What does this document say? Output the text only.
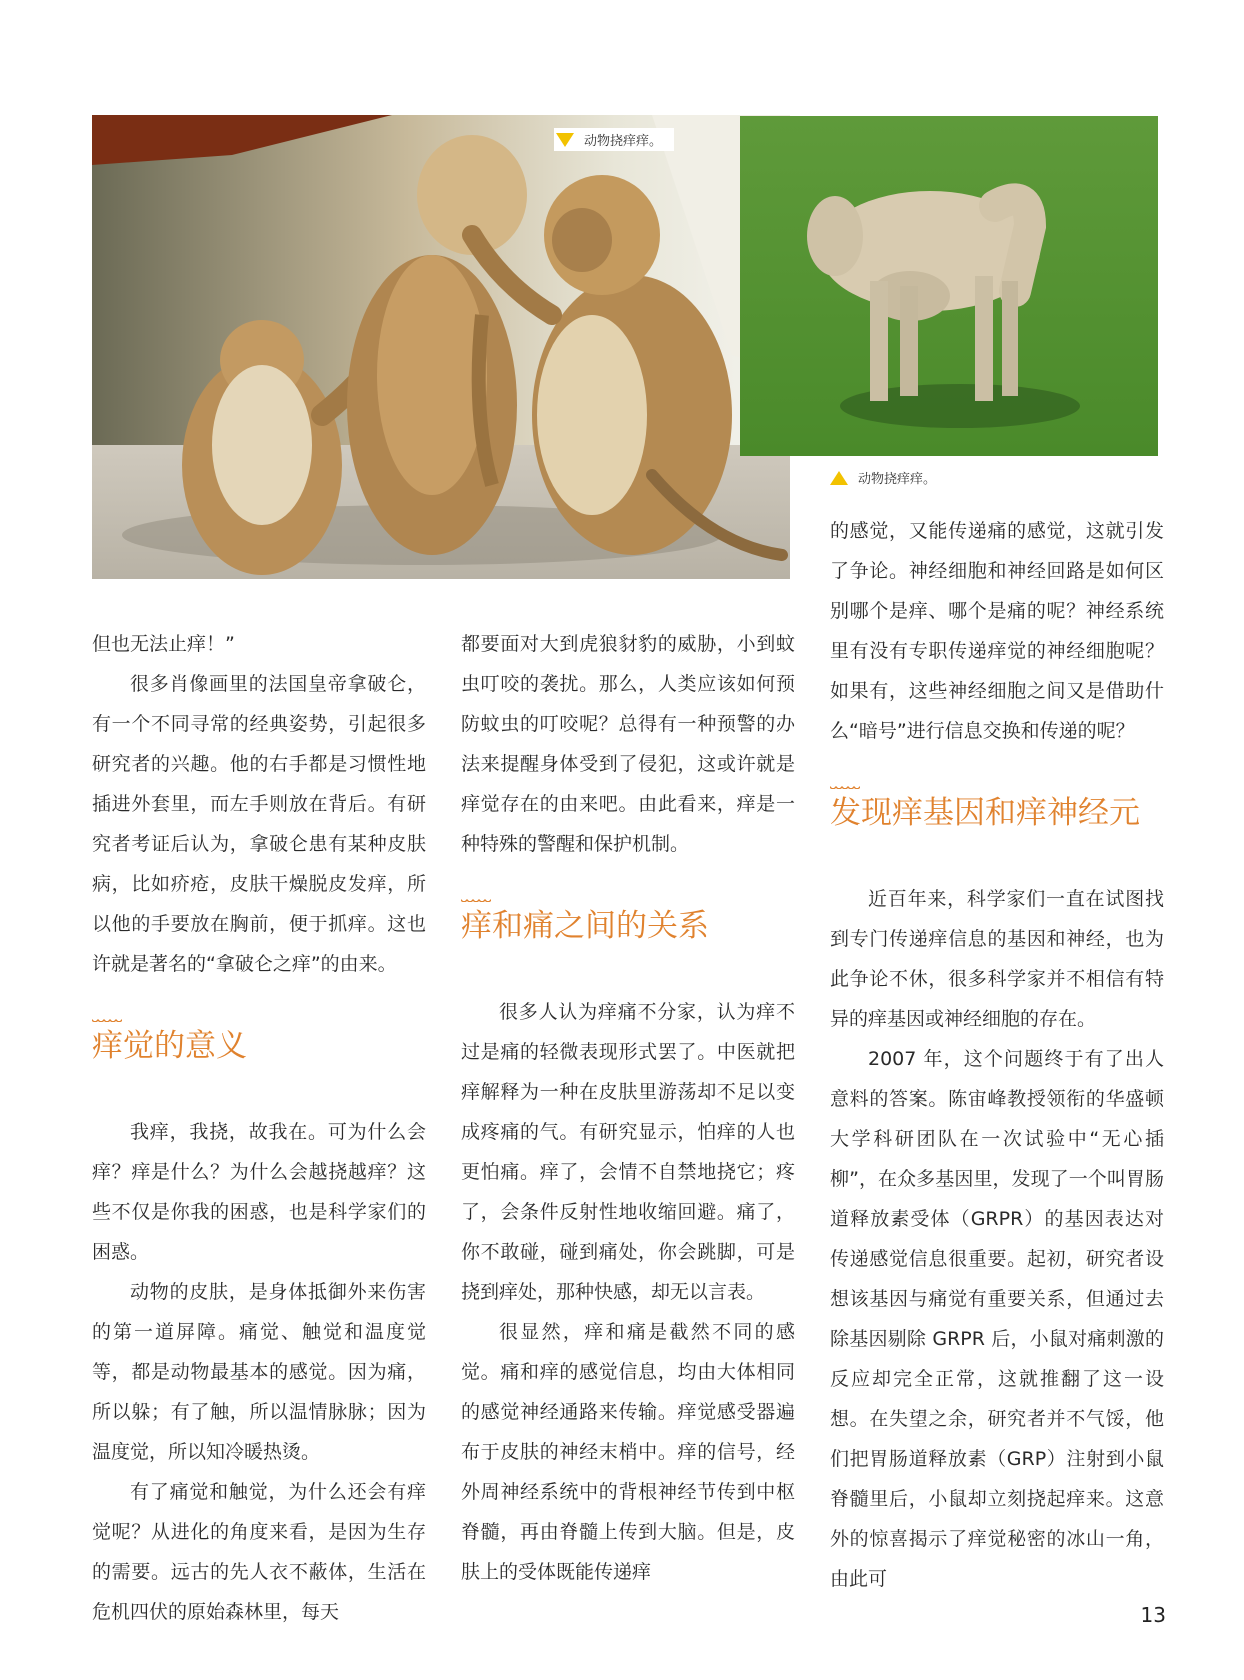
动物挠痒痒。
动物挠痒痒。

但也无法止痒！”

很多肖像画里的法国皇帝拿破仑，有一个不同寻常的经典姿势，引起很多研究者的兴趣。他的右手都是习惯性地插进外套里，而左手则放在背后。有研究者考证后认为，拿破仑患有某种皮肤病，比如疥疮，皮肤干燥脱皮发痒，所以他的手要放在胸前，便于抓痒。这也许就是著名的“拿破仑之痒”的由来。

痒觉的意义

我痒，我挠，故我在。可为什么会痒？痒是什么？为什么会越挠越痒？这些不仅是你我的困惑，也是科学家们的困惑。

动物的皮肤，是身体抵御外来伤害的第一道屏障。痛觉、触觉和温度觉等，都是动物最基本的感觉。因为痛，所以躲；有了触，所以温情脉脉；因为温度觉，所以知冷暖热烫。

有了痛觉和触觉，为什么还会有痒觉呢？从进化的角度来看，是因为生存的需要。远古的先人衣不蔽体，生活在危机四伏的原始森林里，每天

都要面对大到虎狼豺豹的威胁，小到蚊虫叮咬的袭扰。那么，人类应该如何预防蚊虫的叮咬呢？总得有一种预警的办法来提醒身体受到了侵犯，这或许就是痒觉存在的由来吧。由此看来，痒是一种特殊的警醒和保护机制。

痒和痛之间的关系

很多人认为痒痛不分家，认为痒不过是痛的轻微表现形式罢了。中医就把痒解释为一种在皮肤里游荡却不足以变成疼痛的气。有研究显示，怕痒的人也更怕痛。痒了，会情不自禁地挠它；疼了，会条件反射性地收缩回避。痛了，你不敢碰，碰到痛处，你会跳脚，可是挠到痒处，那种快感，却无以言表。

很显然，痒和痛是截然不同的感觉。痛和痒的感觉信息，均由大体相同的感觉神经通路来传输。痒觉感受器遍布于皮肤的神经末梢中。痒的信号，经外周神经系统中的背根神经节传到中枢脊髓，再由脊髓上传到大脑。但是，皮肤上的受体既能传递痒

的感觉，又能传递痛的感觉，这就引发了争论。神经细胞和神经回路是如何区别哪个是痒、哪个是痛的呢？神经系统里有没有专职传递痒觉的神经细胞呢？如果有，这些神经细胞之间又是借助什么“暗号”进行信息交换和传递的呢？

发现痒基因和痒神经元

近百年来，科学家们一直在试图找到专门传递痒信息的基因和神经，也为此争论不休，很多科学家并不相信有特异的痒基因或神经细胞的存在。

2007 年，这个问题终于有了出人意料的答案。陈宙峰教授领衔的华盛顿大学科研团队在一次试验中“无心插柳”，在众多基因里，发现了一个叫胃肠道释放素受体（GRPR）的基因表达对传递感觉信息很重要。起初，研究者设想该基因与痛觉有重要关系，但通过去除基因剔除 GRPR 后，小鼠对痛刺激的反应却完全正常，这就推翻了这一设想。在失望之余，研究者并不气馁，他们把胃肠道释放素（GRP）注射到小鼠脊髓里后，小鼠却立刻挠起痒来。这意外的惊喜揭示了痒觉秘密的冰山一角，由此可

13
